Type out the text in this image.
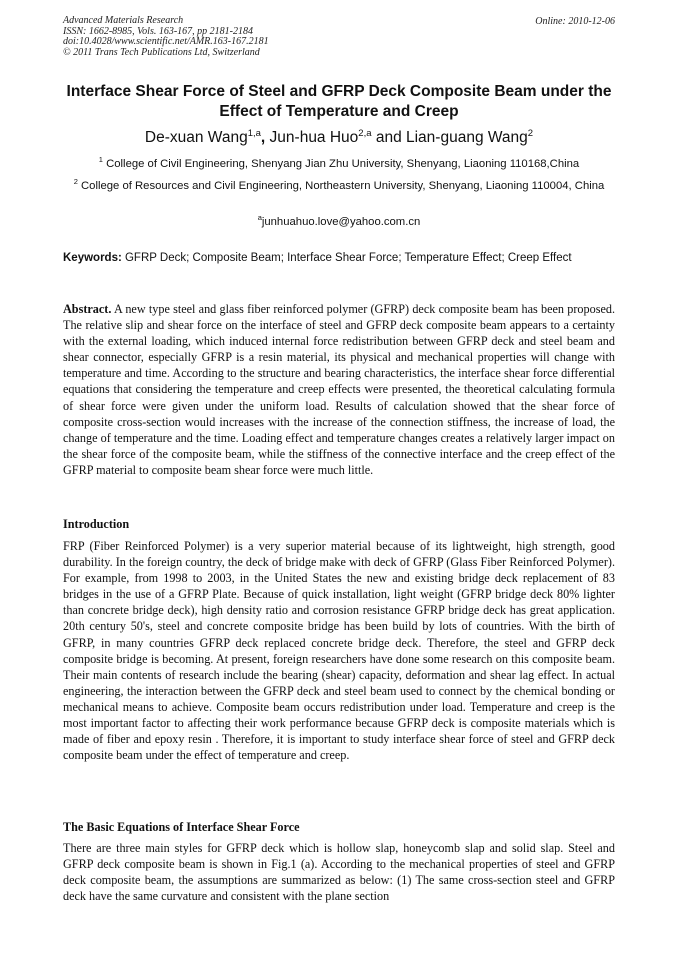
Advanced Materials Research
ISSN: 1662-8985, Vols. 163-167, pp 2181-2184
doi:10.4028/www.scientific.net/AMR.163-167.2181
© 2011 Trans Tech Publications Ltd, Switzerland
Online: 2010-12-06
Interface Shear Force of Steel and GFRP Deck Composite Beam under the Effect of Temperature and Creep
De-xuan Wang$^{1,a}$, Jun-hua Huo$^{2,a}$ and Lian-guang Wang$^2$
$^1$ College of Civil Engineering, Shenyang Jian Zhu University, Shenyang, Liaoning 110168,China
$^2$ College of Resources and Civil Engineering, Northeastern University, Shenyang, Liaoning 110004, China
$^a$junhuahuo.love@yahoo.com.cn
Keywords: GFRP Deck; Composite Beam; Interface Shear Force; Temperature Effect; Creep Effect
Abstract. A new type steel and glass fiber reinforced polymer (GFRP) deck composite beam has been proposed. The relative slip and shear force on the interface of steel and GFRP deck composite beam appears to a certainty with the external loading, which induced internal force redistribution between GFRP deck and steel beam and shear connector, especially GFRP is a resin material, its physical and mechanical properties will change with temperature and time. According to the structure and bearing characteristics, the interface shear force differential equations that considering the temperature and creep effects were presented, the theoretical calculating formula of shear force were given under the uniform load. Results of calculation showed that the shear force of composite cross-section would increases with the increase of the connection stiffness, the increase of load, the change of temperature and the time. Loading effect and temperature changes creates a relatively larger impact on the shear force of the composite beam, while the stiffness of the connective interface and the creep effect of the GFRP material to composite beam shear force were much little.
Introduction
FRP (Fiber Reinforced Polymer) is a very superior material because of its lightweight, high strength, good durability. In the foreign country, the deck of bridge make with deck of GFRP (Glass Fiber Reinforced Polymer). For example, from 1998 to 2003, in the United States the new and existing bridge deck replacement of 83 bridges in the use of a GFRP Plate. Because of quick installation, light weight (GFRP bridge deck 80% lighter than concrete bridge deck), high density ratio and corrosion resistance GFRP bridge deck has great application. 20th century 50's, steel and concrete composite bridge has been build by lots of countries. With the birth of GFRP, in many countries GFRP deck replaced concrete bridge deck. Therefore, the steel and GFRP deck composite bridge is becoming. At present, foreign researchers have done some research on this composite beam. Their main contents of research include the bearing (shear) capacity, deformation and shear lag effect. In actual engineering, the interaction between the GFRP deck and steel beam used to connect by the chemical bonding or mechanical means to achieve. Composite beam occurs redistribution under load. Temperature and creep is the most important factor to affecting their work performance because GFRP deck is composite materials which is made of fiber and epoxy resin . Therefore, it is important to study interface shear force of steel and GFRP deck composite beam under the effect of temperature and creep.
The Basic Equations of Interface Shear Force
There are three main styles for GFRP deck which is hollow slap, honeycomb slap and solid slap. Steel and GFRP deck composite beam is shown in Fig.1 (a). According to the mechanical properties of steel and GFRP deck composite beam, the assumptions are summarized as below: (1) The same cross-section steel and GFRP deck have the same curvature and consistent with the plane section
